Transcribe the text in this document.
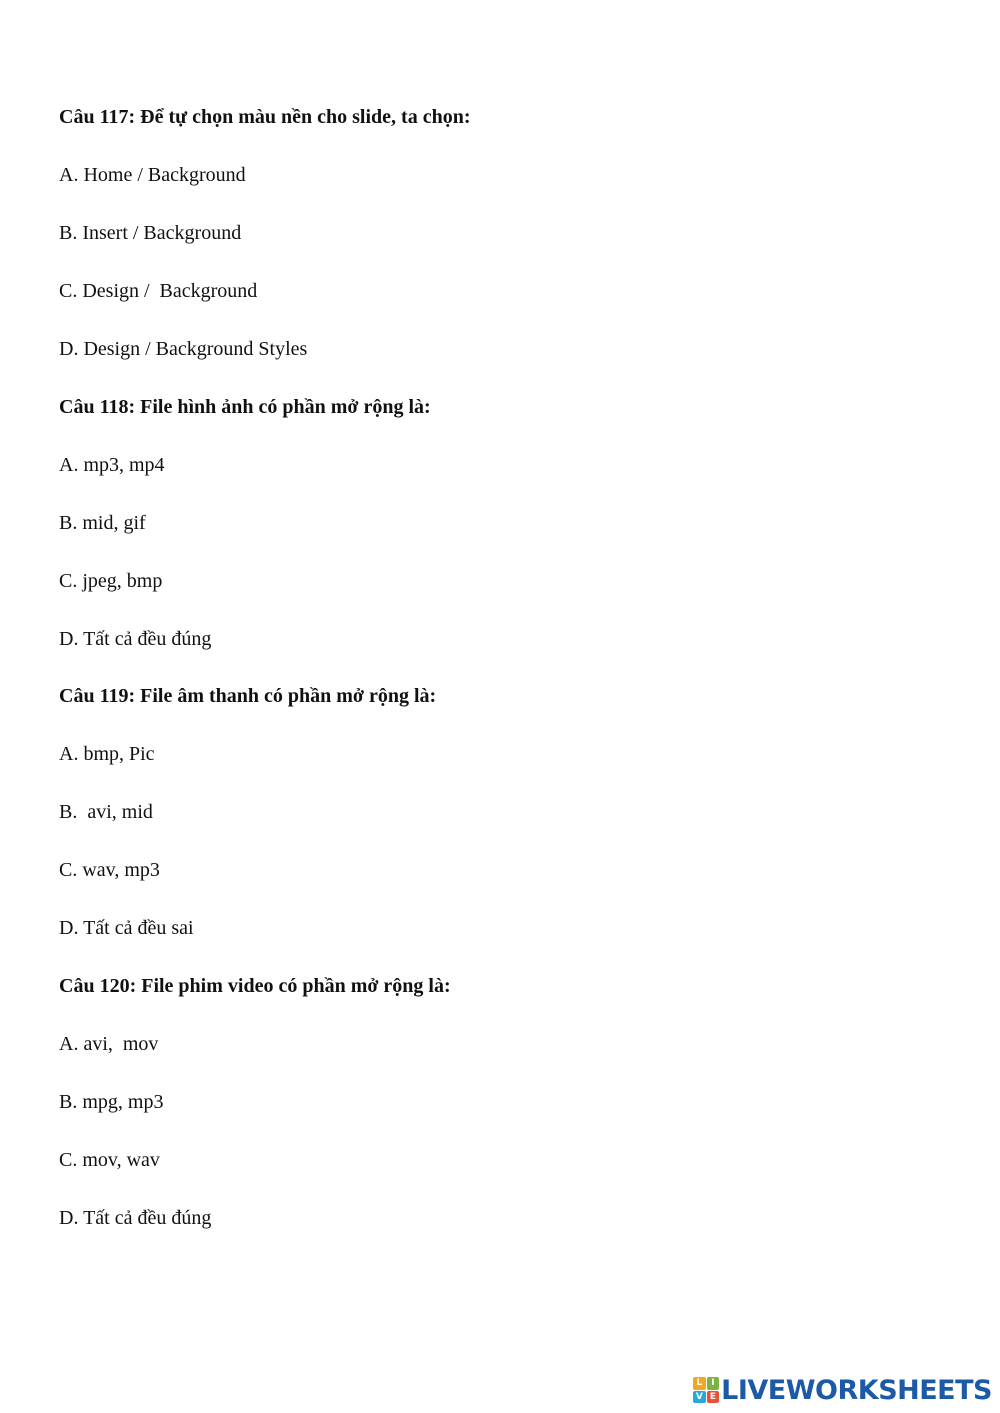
Câu 117: Để tự chọn màu nền cho slide, ta chọn:
A. Home / Background
B. Insert / Background
C. Design /  Background
D. Design / Background Styles
Câu 118: File hình ảnh có phần mở rộng là:
A. mp3, mp4
B. mid, gif
C. jpeg, bmp
D. Tất cả đều đúng
Câu 119: File âm thanh có phần mở rộng là:
A. bmp, Pic
B.  avi, mid
C. wav, mp3
D. Tất cả đều sai
Câu 120: File phim video có phần mở rộng là:
A. avi,  mov
B. mpg, mp3
C. mov, wav
D. Tất cả đều đúng
L I
V E LIVEWORKSHEETS
